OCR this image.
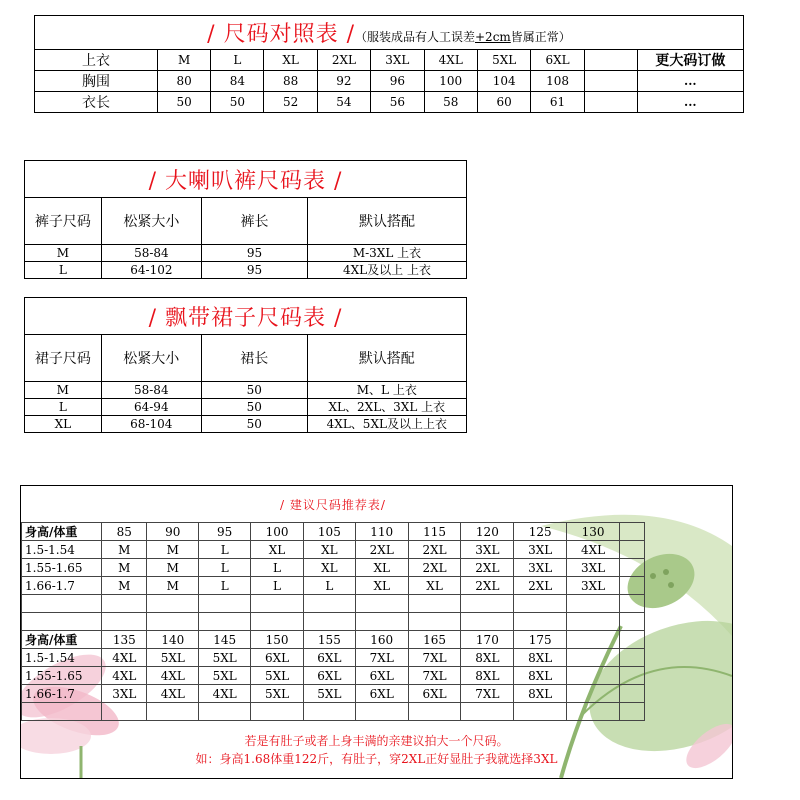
/ 尺码对照表 /（服装成品有人工误差+2cm皆属正常）										
上衣	M	L	XL	2XL	3XL	4XL	5XL	6XL		更大码订做
胸围	80	84	88	92	96	100	104	108		...
衣长	50	50	52	54	56	58	60	61		...
/ 大喇叭裤尺码表 /			
裤子尺码	松紧大小	裤长	默认搭配
M	58-84	95	M-3XL 上衣
L	64-102	95	4XL及以上 上衣
/ 飘带裙子尺码表 /			
裙子尺码	松紧大小	裙长	默认搭配
M	58-84	50	M、L 上衣
L	64-94	50	XL、2XL、3XL 上衣
XL	68-104	50	4XL、5XL及以上上衣
/ 建议尺码推荐表/											
身高/体重	85	90	95	100	105	110	115	120	125	130	
1.5-1.54	M	M	L	XL	XL	2XL	2XL	3XL	3XL	4XL	
1.55-1.65	M	M	L	L	XL	XL	2XL	2XL	3XL	3XL	
1.66-1.7	M	M	L	L	L	XL	XL	2XL	2XL	3XL	

身高/体重	135	140	145	150	155	160	165	170	175		
1.5-1.54	4XL	5XL	5XL	6XL	6XL	7XL	7XL	8XL	8XL		
1.55-1.65	4XL	4XL	5XL	5XL	6XL	6XL	7XL	8XL	8XL		
1.66-1.7	3XL	4XL	4XL	5XL	5XL	6XL	6XL	7XL	8XL		

若是有肚子或者上身丰满的亲建议拍大一个尺码。
如：身高1.68体重122斤，有肚子，穿2XL正好显肚子我就选择3XL
